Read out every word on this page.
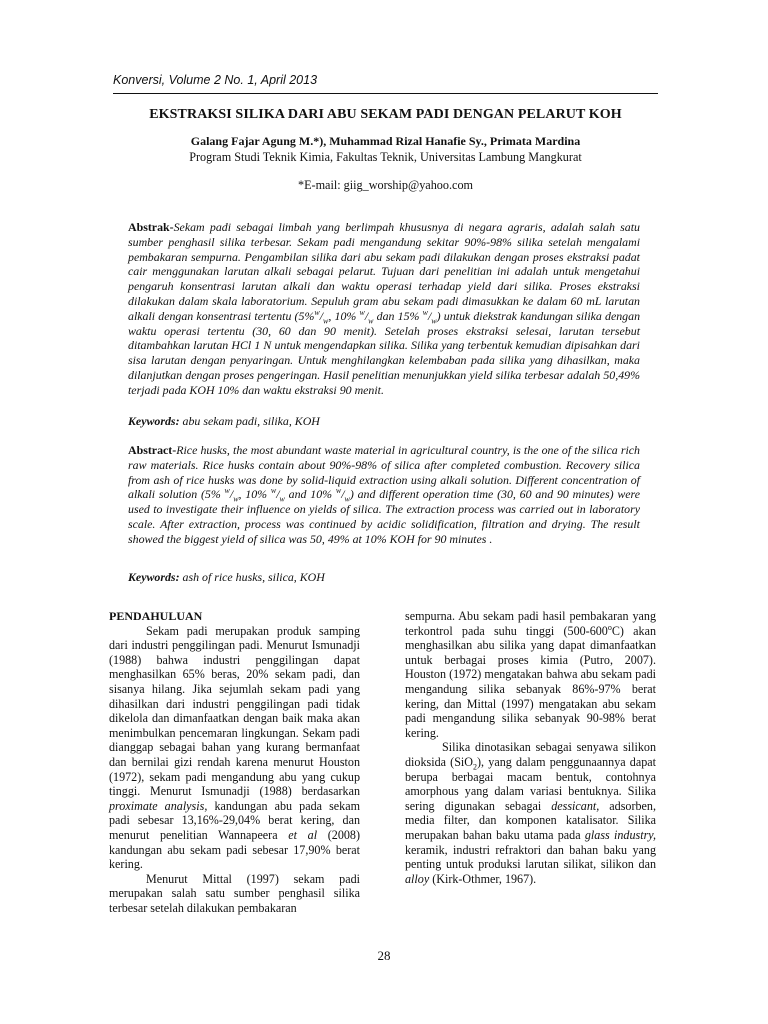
Konversi, Volume 2 No. 1, April 2013
EKSTRAKSI SILIKA DARI ABU SEKAM PADI DENGAN PELARUT KOH
Galang Fajar Agung M.*), Muhammad Rizal Hanafie Sy., Primata Mardina
Program Studi Teknik Kimia, Fakultas Teknik, Universitas Lambung Mangkurat
*E-mail: giig_worship@yahoo.com

Abstrak-Sekam padi sebagai limbah yang berlimpah khususnya di negara agraris, adalah salah satu sumber penghasil silika terbesar. Sekam padi mengandung sekitar 90%-98% silika setelah mengalami pembakaran sempurna. Pengambilan silika dari abu sekam padi dilakukan dengan proses ekstraksi padat cair menggunakan larutan alkali sebagai pelarut. Tujuan dari penelitian ini adalah untuk mengetahui pengaruh konsentrasi larutan alkali dan waktu operasi terhadap yield dari silika. Proses ekstraksi dilakukan dalam skala laboratorium. Sepuluh gram abu sekam padi dimasukkan ke dalam 60 mL larutan alkali dengan konsentrasi tertentu ($5\%^w/_w$, 10% $^w/_w$ dan 15% $^w/_w$) untuk diekstrak kandungan silika dengan waktu operasi tertentu (30, 60 dan 90 menit). Setelah proses ekstraksi selesai, larutan tersebut ditambahkan larutan HCl 1 N untuk mengendapkan silika. Silika yang terbentuk kemudian dipisahkan dari sisa larutan dengan penyaringan. Untuk menghilangkan kelembaban pada silika yang dihasilkan, maka dilanjutkan dengan proses pengeringan. Hasil penelitian menunjukkan yield silika terbesar adalah 50,49% terjadi pada KOH 10% dan waktu ekstraksi 90 menit.

Keywords: abu sekam padi, silika, KOH

Abstract-Rice husks, the most abundant waste material in agricultural country, is the one of the silica rich raw materials. Rice husks contain about 90%-98% of silica after completed combustion. Recovery silica from ash of rice husks was done by solid-liquid extraction using alkali solution. Different concentration of alkali solution (5% $^w/_w$, 10% $^w/_w$ and 10% $^w/_w$) and different operation time (30, 60 and 90 minutes) were used to investigate their influence on yields of silica. The extraction process was carried out in laboratory scale. After extraction, process was continued by acidic solidification, filtration and drying. The result showed the biggest yield of silica was 50, 49% at 10% KOH for 90 minutes .

Keywords: ash of rice husks, silica, KOH

PENDAHULUAN

Sekam padi merupakan produk samping dari industri penggilingan padi. Menurut Ismunadji (1988) bahwa industri penggilingan dapat menghasilkan 65% beras, 20% sekam padi, dan sisanya hilang. Jika sejumlah sekam padi yang dihasilkan dari industri penggilingan padi tidak dikelola dan dimanfaatkan dengan baik maka akan menimbulkan pencemaran lingkungan. Sekam padi dianggap sebagai bahan yang kurang bermanfaat dan bernilai gizi rendah karena menurut Houston (1972), sekam padi mengandung abu yang cukup tinggi. Menurut Ismunadji (1988) berdasarkan proximate analysis, kandungan abu pada sekam padi sebesar 13,16%-29,04% berat kering, dan menurut penelitian Wannapeera et al (2008) kandungan abu sekam padi sebesar 17,90% berat kering.

Menurut Mittal (1997) sekam padi merupakan salah satu sumber penghasil silika terbesar setelah dilakukan pembakaran

sempurna. Abu sekam padi hasil pembakaran yang terkontrol pada suhu tinggi (500-600$^o$C) akan menghasilkan abu silika yang dapat dimanfaatkan untuk berbagai proses kimia (Putro, 2007). Houston (1972) mengatakan bahwa abu sekam padi mengandung silika sebanyak 86%-97% berat kering, dan Mittal (1997) mengatakan abu sekam padi mengandung silika sebanyak 90-98% berat kering.

Silika dinotasikan sebagai senyawa silikon dioksida (SiO$_2$), yang dalam penggunaannya dapat berupa berbagai macam bentuk, contohnya amorphous yang dalam variasi bentuknya. Silika sering digunakan sebagai dessicant, adsorben, media filter, dan komponen katalisator. Silika merupakan bahan baku utama pada glass industry, keramik, industri refraktori dan bahan baku yang penting untuk produksi larutan silikat, silikon dan alloy (Kirk-Othmer, 1967).

28
